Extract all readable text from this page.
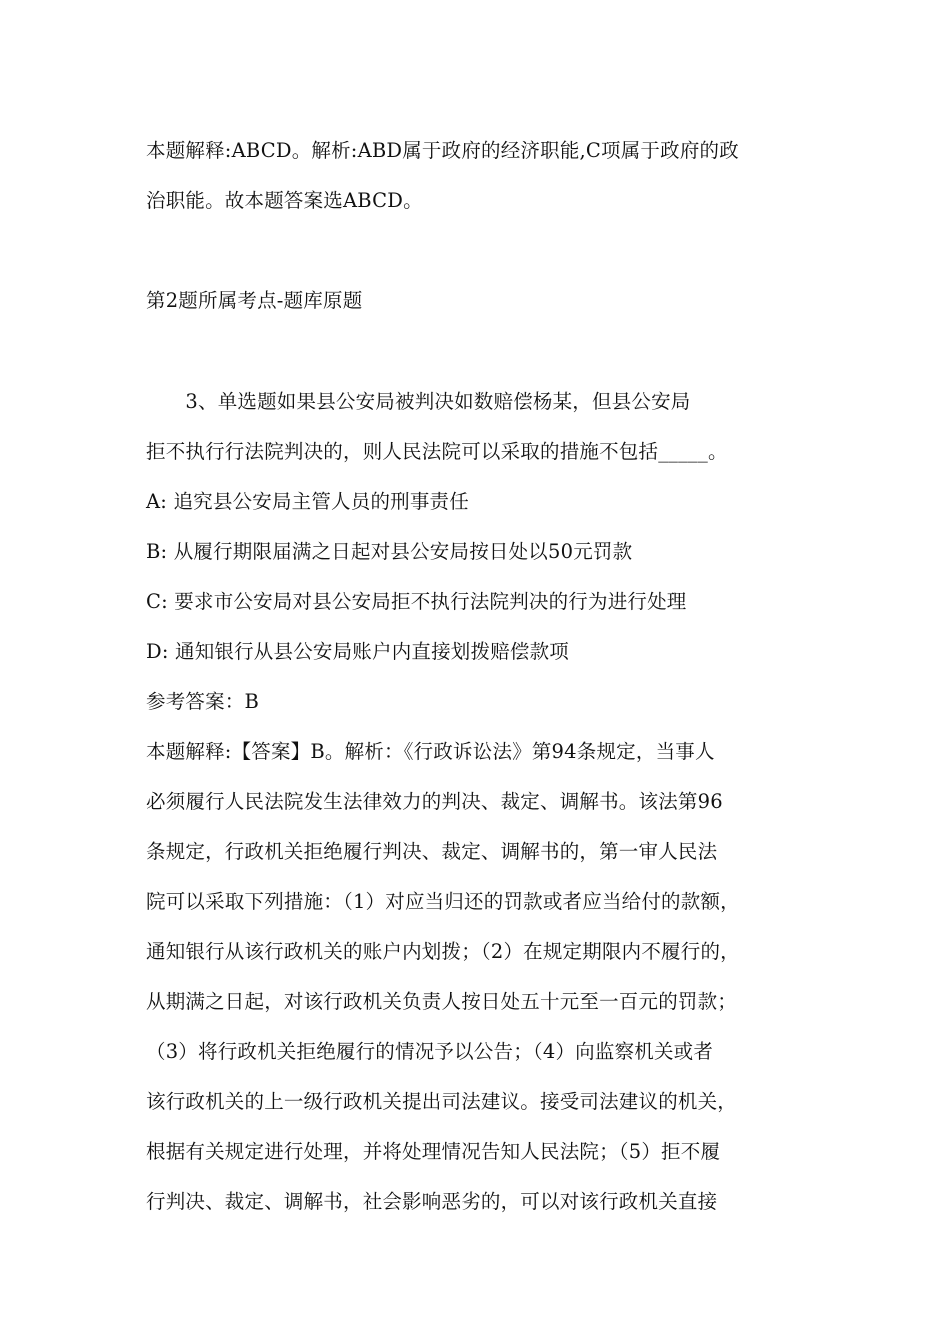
本题解释:ABCD。解析:ABD属于政府的经济职能,C项属于政府的政
治职能。故本题答案选ABCD。
第2题所属考点-题库原题
　　3、单选题如果县公安局被判决如数赔偿杨某，但县公安局
拒不执行行法院判决的，则人民法院可以采取的措施不包括_____。
A: 追究县公安局主管人员的刑事责任
B: 从履行期限届满之日起对县公安局按日处以50元罚款
C: 要求市公安局对县公安局拒不执行法院判决的行为进行处理
D: 通知银行从县公安局账户内直接划拨赔偿款项
参考答案：B
本题解释:【答案】B。解析：《行政诉讼法》第94条规定，当事人
必须履行人民法院发生法律效力的判决、裁定、调解书。该法第96
条规定，行政机关拒绝履行判决、裁定、调解书的，第一审人民法
院可以采取下列措施：（1）对应当归还的罚款或者应当给付的款额，
通知银行从该行政机关的账户内划拨；（2）在规定期限内不履行的，
从期满之日起，对该行政机关负责人按日处五十元至一百元的罚款；
（3）将行政机关拒绝履行的情况予以公告；（4）向监察机关或者
该行政机关的上一级行政机关提出司法建议。接受司法建议的机关，
根据有关规定进行处理，并将处理情况告知人民法院；（5）拒不履
行判决、裁定、调解书，社会影响恶劣的，可以对该行政机关直接
